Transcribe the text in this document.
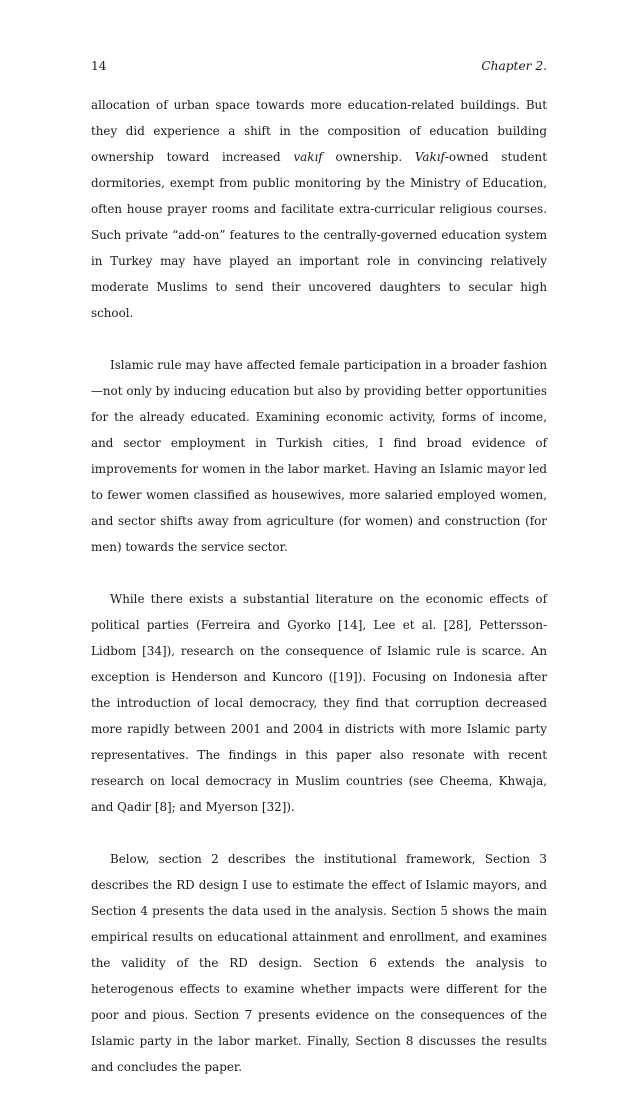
14	Chapter 2.

allocation of urban space towards more education-related buildings. But they did experience a shift in the composition of education building ownership toward increased vakıf ownership. Vakıf-owned student dormitories, exempt from public monitoring by the Ministry of Education, often house prayer rooms and facilitate extra-curricular religious courses. Such private “add-on” features to the centrally-governed education system in Turkey may have played an important role in convincing relatively moderate Muslims to send their uncovered daughters to secular high school.

Islamic rule may have affected female participation in a broader fashion—not only by inducing education but also by providing better opportunities for the already educated. Examining economic activity, forms of income, and sector employment in Turkish cities, I find broad evidence of improvements for women in the labor market. Having an Islamic mayor led to fewer women classified as housewives, more salaried employed women, and sector shifts away from agriculture (for women) and construction (for men) towards the service sector.

While there exists a substantial literature on the economic effects of political parties (Ferreira and Gyorko [14], Lee et al. [28], Pettersson-Lidbom [34]), research on the consequence of Islamic rule is scarce. An exception is Henderson and Kuncoro ([19]). Focusing on Indonesia after the introduction of local democracy, they find that corruption decreased more rapidly between 2001 and 2004 in districts with more Islamic party representatives. The findings in this paper also resonate with recent research on local democracy in Muslim countries (see Cheema, Khwaja, and Qadir [8]; and Myerson [32]).

Below, section 2 describes the institutional framework, Section 3 describes the RD design I use to estimate the effect of Islamic mayors, and Section 4 presents the data used in the analysis. Section 5 shows the main empirical results on educational attainment and enrollment, and examines the validity of the RD design. Section 6 extends the analysis to heterogenous effects to examine whether impacts were different for the poor and pious. Section 7 presents evidence on the consequences of the Islamic party in the labor market. Finally, Section 8 discusses the results and concludes the paper.
